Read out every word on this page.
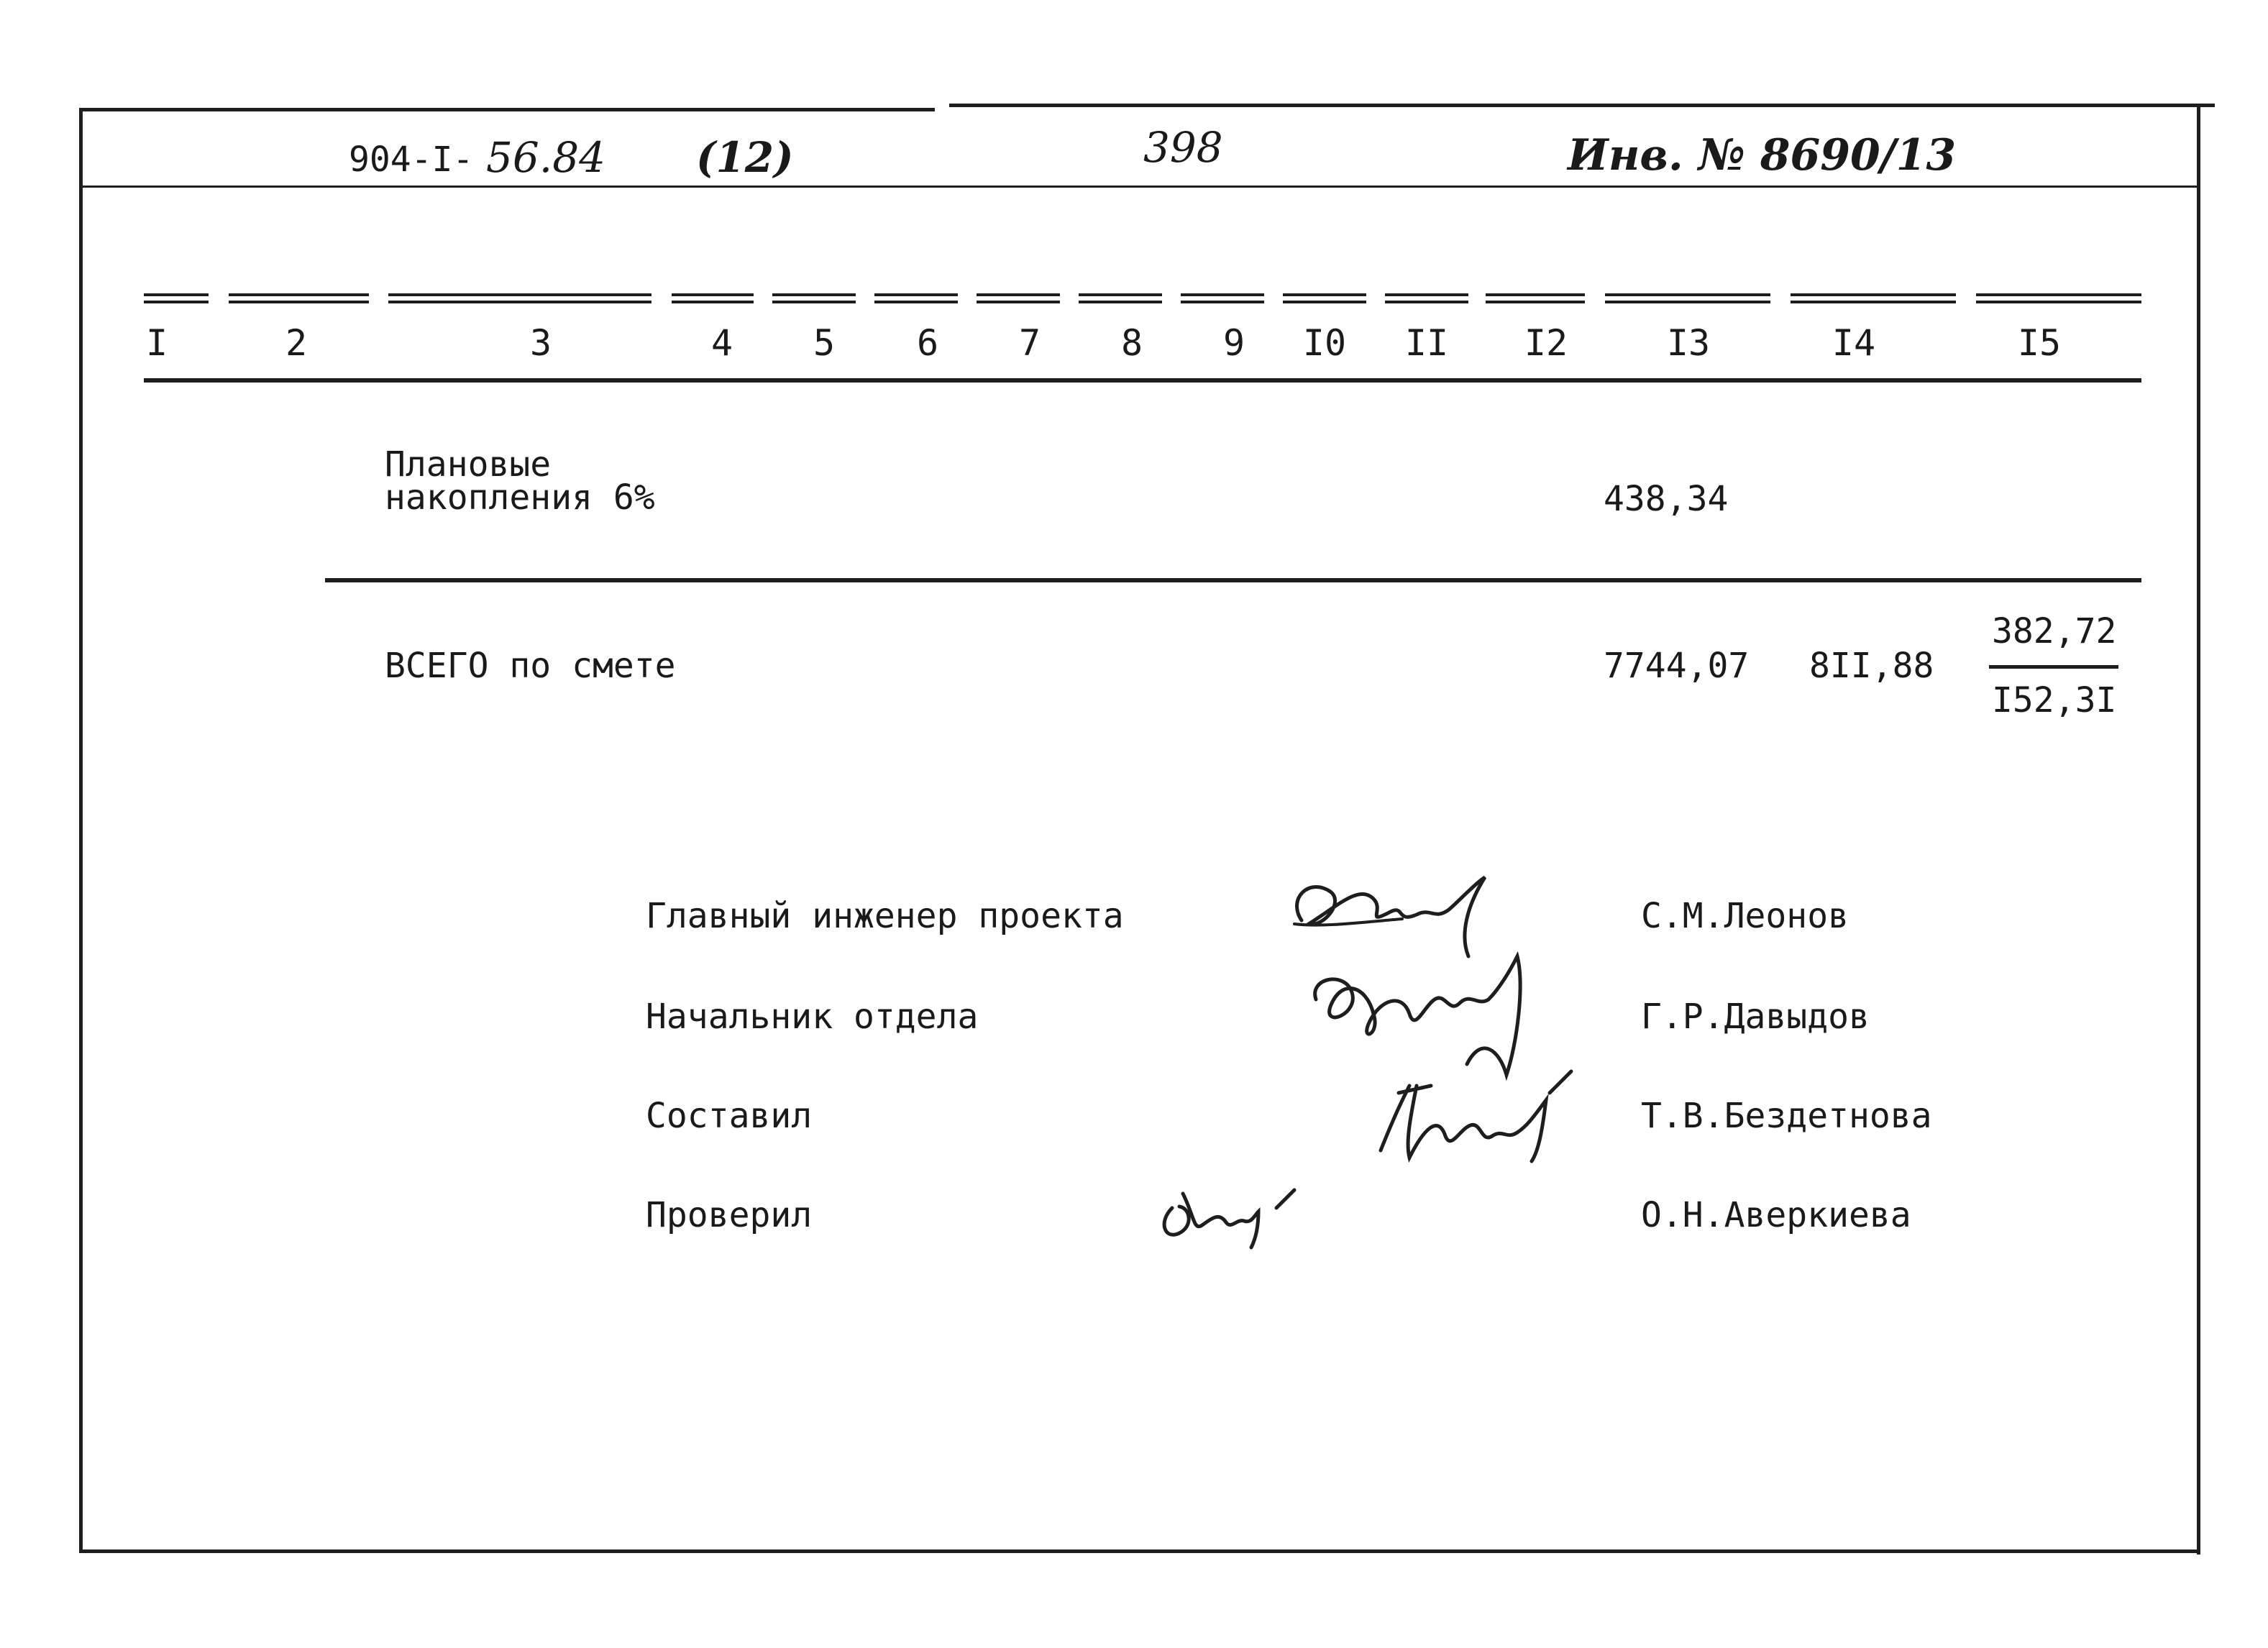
904-I- 56.84 (12)	398	Инв. № 8690/13
I	2	3	4 5 6 7 8 9 I0 II I2	I3	I4	I5
Плановые
накопления 6%	438,34
ВСЕГО по смете	7744,07 8II,88
382,72
I52,3I
Главный инженер проекта	С.М.Леонов
Начальник отдела	Г.Р.Давыдов
Составил	Т.В.Бездетнова
Проверил	О.Н.Аверкиева
